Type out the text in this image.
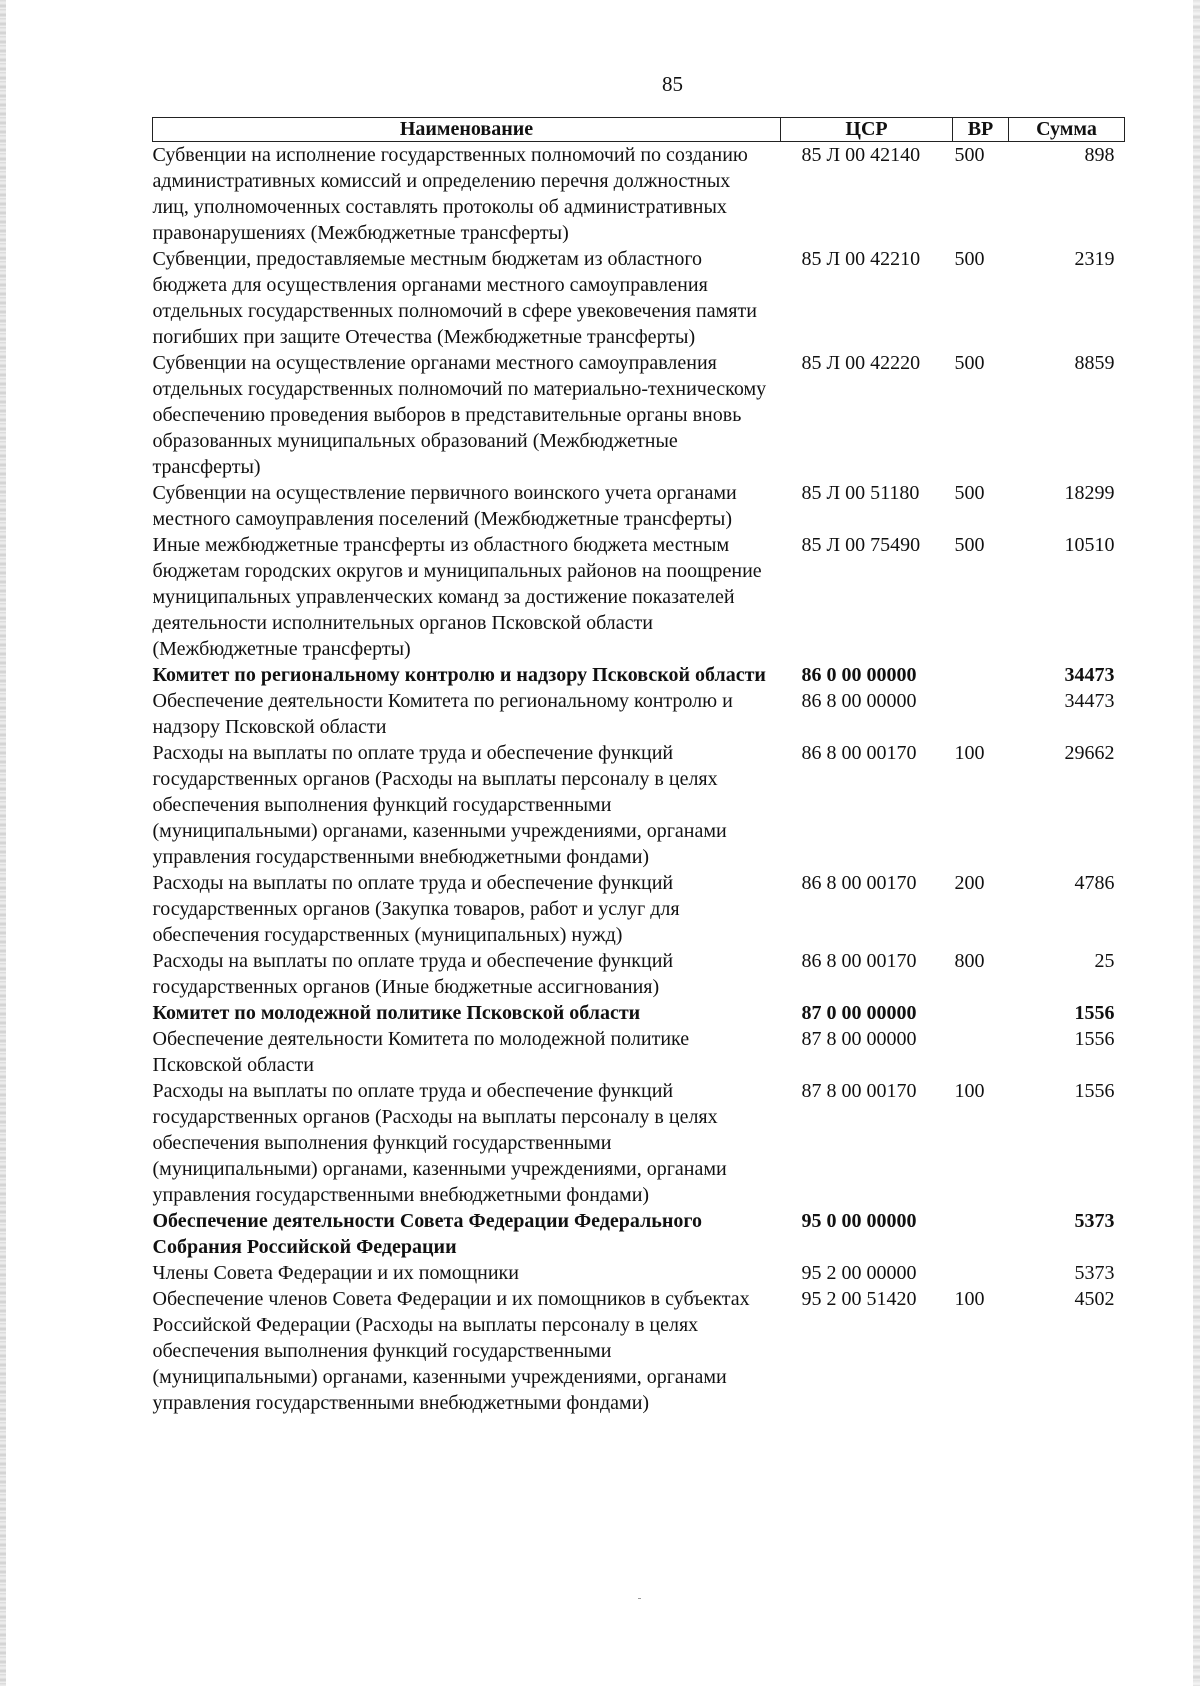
85
Наименование	ЦСР	ВР	Сумма
Субвенции на исполнение государственных полномочий по созданию административных комиссий и определению перечня должностных лиц, уполномоченных составлять протоколы об административных правонарушениях (Межбюджетные трансферты)	85 Л 00 42140	500	898
Субвенции, предоставляемые местным бюджетам из областного бюджета для осуществления органами местного самоуправления отдельных государственных полномочий в сфере увековечения памяти погибших при защите Отечества (Межбюджетные трансферты)	85 Л 00 42210	500	2319
Субвенции на осуществление органами местного самоуправления отдельных государственных полномочий по материально-техническому обеспечению проведения выборов в представительные органы вновь образованных муниципальных образований (Межбюджетные трансферты)	85 Л 00 42220	500	8859
Субвенции на осуществление первичного воинского учета органами местного самоуправления поселений (Межбюджетные трансферты)	85 Л 00 51180	500	18299
Иные межбюджетные трансферты из областного бюджета местным бюджетам городских округов и муниципальных районов на поощрение муниципальных управленческих команд за достижение показателей деятельности исполнительных органов Псковской области (Межбюджетные трансферты)	85 Л 00 75490	500	10510
Комитет по региональному контролю и надзору Псковской области	86 0 00 00000		34473
Обеспечение деятельности Комитета по региональному контролю и надзору Псковской области	86 8 00 00000		34473
Расходы на выплаты по оплате труда и обеспечение функций государственных органов (Расходы на выплаты персоналу в целях обеспечения выполнения функций государственными (муниципальными) органами, казенными учреждениями, органами управления государственными внебюджетными фондами)	86 8 00 00170	100	29662
Расходы на выплаты по оплате труда и обеспечение функций государственных органов (Закупка товаров, работ и услуг для обеспечения государственных (муниципальных) нужд)	86 8 00 00170	200	4786
Расходы на выплаты по оплате труда и обеспечение функций государственных органов (Иные бюджетные ассигнования)	86 8 00 00170	800	25
Комитет по молодежной политике Псковской области	87 0 00 00000		1556
Обеспечение деятельности Комитета по молодежной политике Псковской области	87 8 00 00000		1556
Расходы на выплаты по оплате труда и обеспечение функций государственных органов (Расходы на выплаты персоналу в целях обеспечения выполнения функций государственными (муниципальными) органами, казенными учреждениями, органами управления государственными внебюджетными фондами)	87 8 00 00170	100	1556
Обеспечение деятельности Совета Федерации Федерального Собрания Российской Федерации	95 0 00 00000		5373
Члены Совета Федерации и их помощники	95 2 00 00000		5373
Обеспечение членов Совета Федерации и их помощников в субъектах Российской Федерации (Расходы на выплаты персоналу в целях обеспечения выполнения функций государственными (муниципальными) органами, казенными учреждениями, органами управления государственными внебюджетными фондами)	95 2 00 51420	100	4502
